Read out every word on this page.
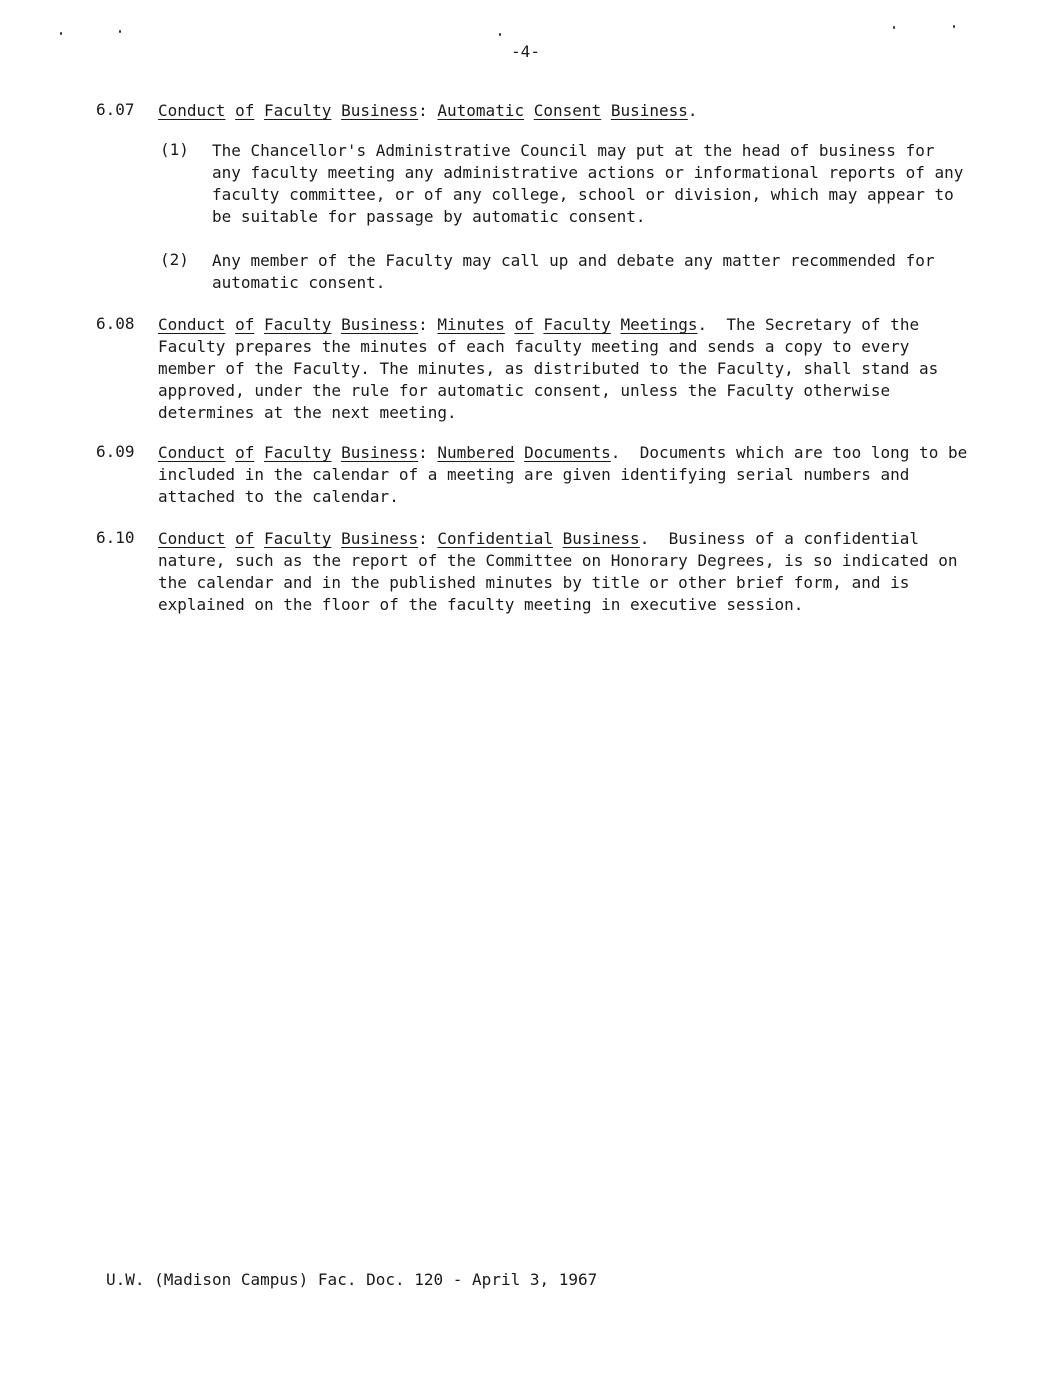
-4-
6.07	Conduct of Faculty Business: Automatic Consent Business.
(1) The Chancellor's Administrative Council may put at the head of business for any faculty meeting any administrative actions or informational reports of any faculty committee, or of any college, school or division, which may appear to be suitable for passage by automatic consent.
(2) Any member of the Faculty may call up and debate any matter recommended for automatic consent.
6.08	Conduct of Faculty Business: Minutes of Faculty Meetings. The Secretary of the Faculty prepares the minutes of each faculty meeting and sends a copy to every member of the Faculty. The minutes, as distributed to the Faculty, shall stand as approved, under the rule for automatic consent, unless the Faculty otherwise determines at the next meeting.
6.09	Conduct of Faculty Business: Numbered Documents. Documents which are too long to be included in the calendar of a meeting are given identifying serial numbers and attached to the calendar.
6.10	Conduct of Faculty Business: Confidential Business. Business of a confidential nature, such as the report of the Committee on Honorary Degrees, is so indicated on the calendar and in the published minutes by title or other brief form, and is explained on the floor of the faculty meeting in executive session.
U.W. (Madison Campus) Fac. Doc. 120 - April 3, 1967
